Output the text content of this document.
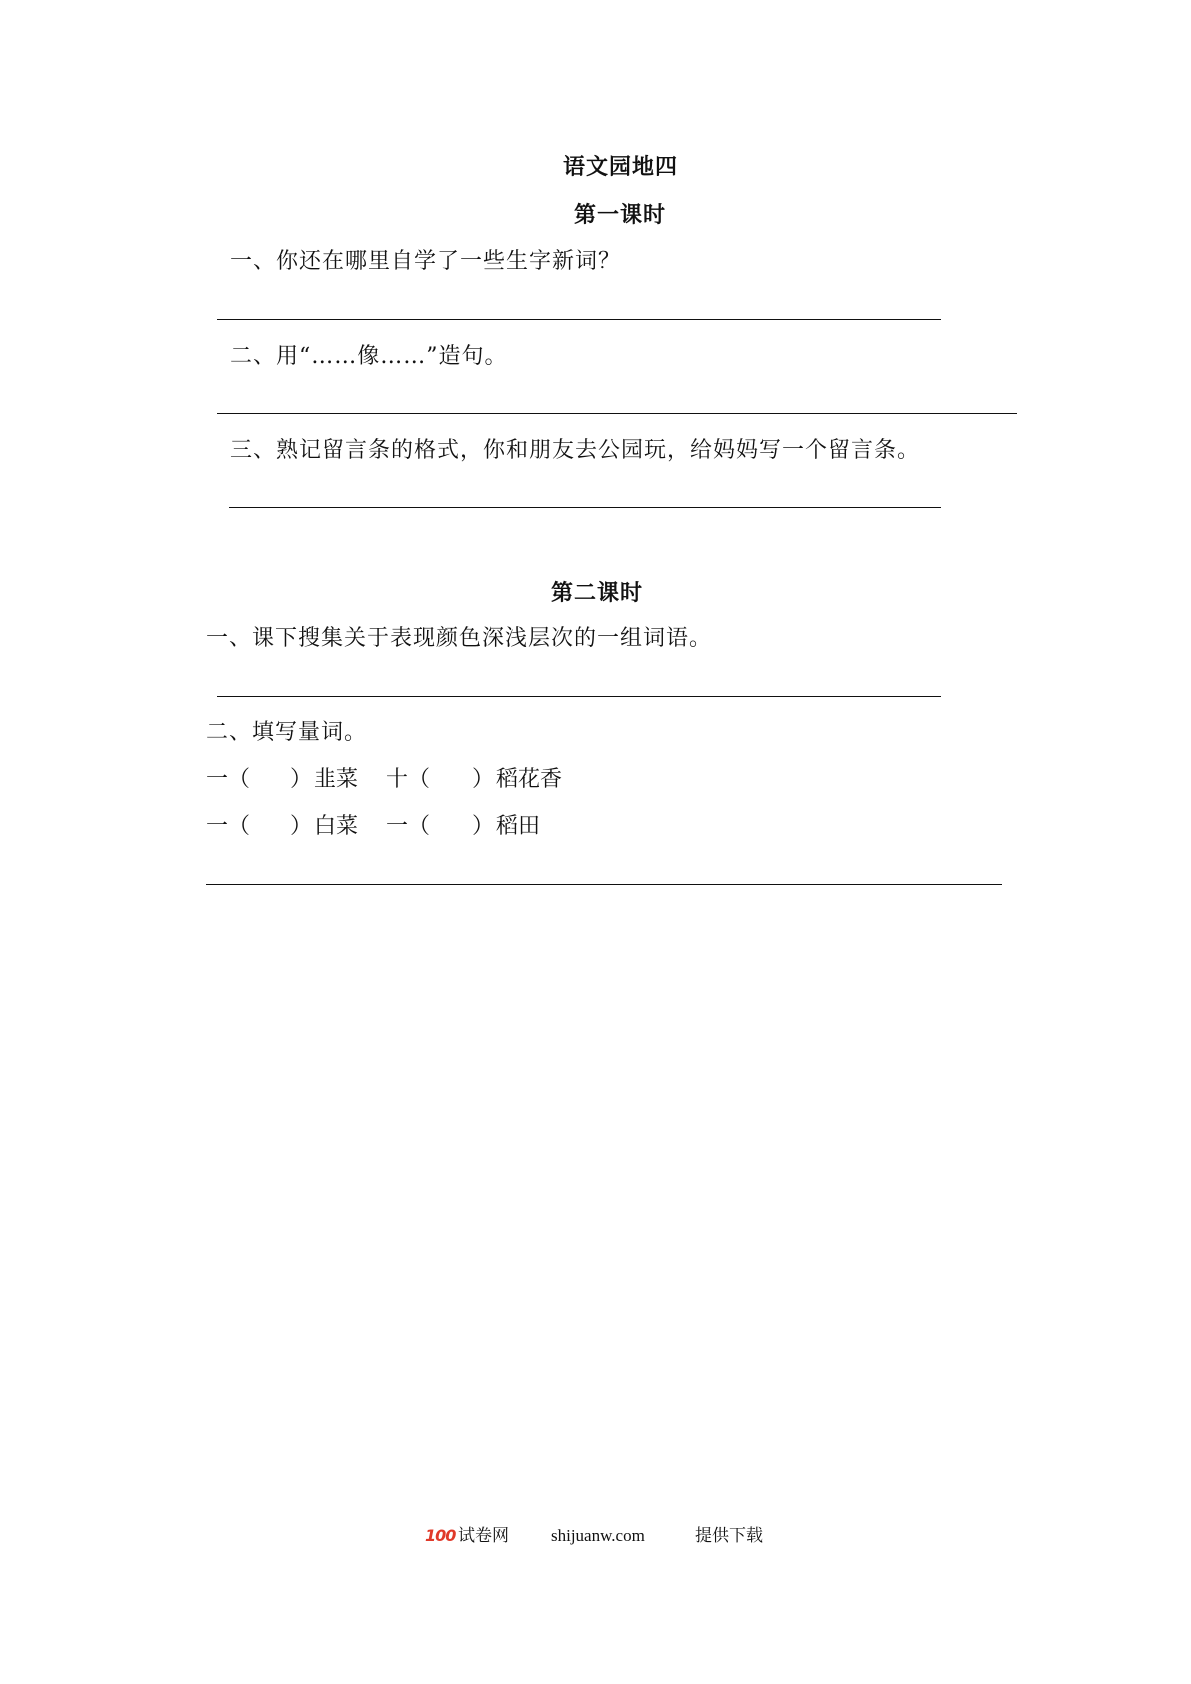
语文园地四
第一课时
一、你还在哪里自学了一些生字新词？
二、用“……像……”造句。
三、熟记留言条的格式，你和朋友去公园玩，给妈妈写一个留言条。
第二课时
一、课下搜集关于表现颜色深浅层次的一组词语。
二、填写量词。
一（ ） 韭菜 十（ ） 稻花香
一（ ） 白菜 一（ ） 稻田
100 试卷网 shijuanw.com	提供下载
